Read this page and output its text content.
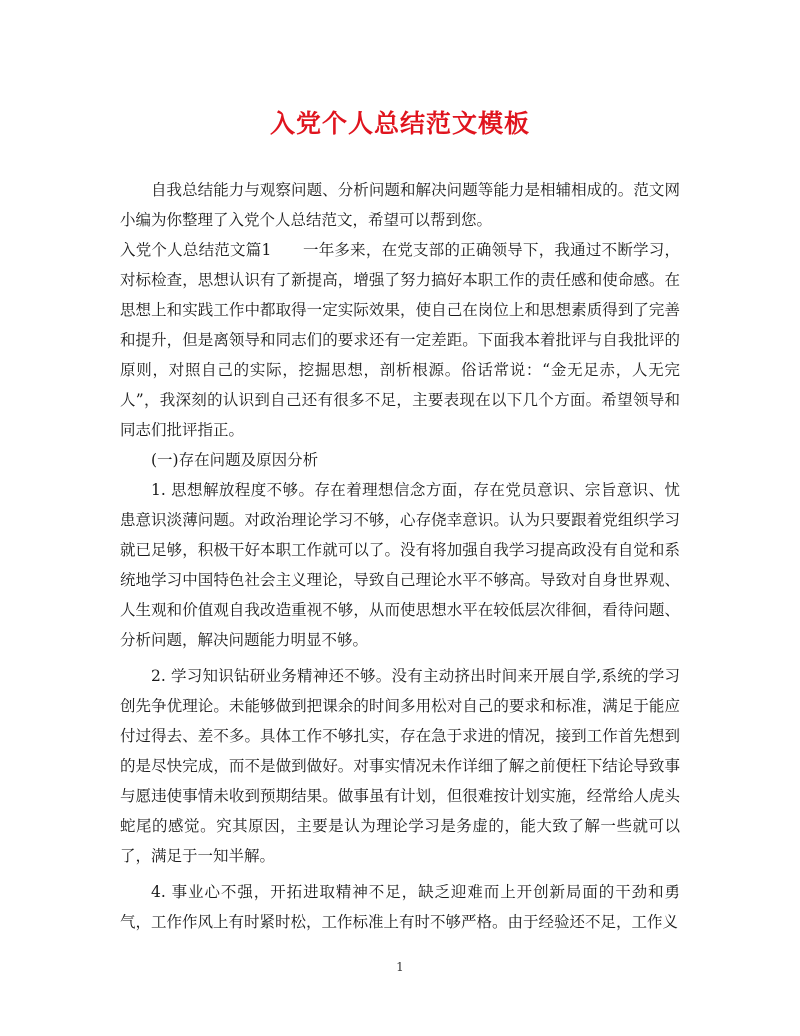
入党个人总结范文模板

自我总结能力与观察问题、分析问题和解决问题等能力是相辅相成的。范文网小编为你整理了入党个人总结范文，希望可以帮到您。

入党个人总结范文篇1　　一年多来，在党支部的正确领导下，我通过不断学习，对标检查，思想认识有了新提高，增强了努力搞好本职工作的责任感和使命感。在思想上和实践工作中都取得一定实际效果，使自己在岗位上和思想素质得到了完善和提升，但是离领导和同志们的要求还有一定差距。下面我本着批评与自我批评的原则，对照自己的实际，挖掘思想，剖析根源。俗话常说：“金无足赤，人无完人”，我深刻的认识到自己还有很多不足，主要表现在以下几个方面。希望领导和同志们批评指正。

(一)存在问题及原因分析

1. 思想解放程度不够。存在着理想信念方面，存在党员意识、宗旨意识、忧患意识淡薄问题。对政治理论学习不够，心存侥幸意识。认为只要跟着党组织学习就已足够，积极干好本职工作就可以了。没有将加强自我学习提高政没有自觉和系统地学习中国特色社会主义理论，导致自己理论水平不够高。导致对自身世界观、人生观和价值观自我改造重视不够，从而使思想水平在较低层次徘徊，看待问题、分析问题，解决问题能力明显不够。

2. 学习知识钻研业务精神还不够。没有主动挤出时间来开展自学,系统的学习创先争优理论。未能够做到把课余的时间多用松对自己的要求和标准，满足于能应付过得去、差不多。具体工作不够扎实，存在急于求进的情况，接到工作首先想到的是尽快完成，而不是做到做好。对事实情况未作详细了解之前便枉下结论导致事与愿违使事情未收到预期结果。做事虽有计划，但很难按计划实施，经常给人虎头蛇尾的感觉。究其原因，主要是认为理论学习是务虚的，能大致了解一些就可以了，满足于一知半解。

4. 事业心不强，开拓进取精神不足，缺乏迎难而上开创新局面的干劲和勇气，工作作风上有时紧时松，工作标准上有时不够严格。由于经验还不足，工作义

1
